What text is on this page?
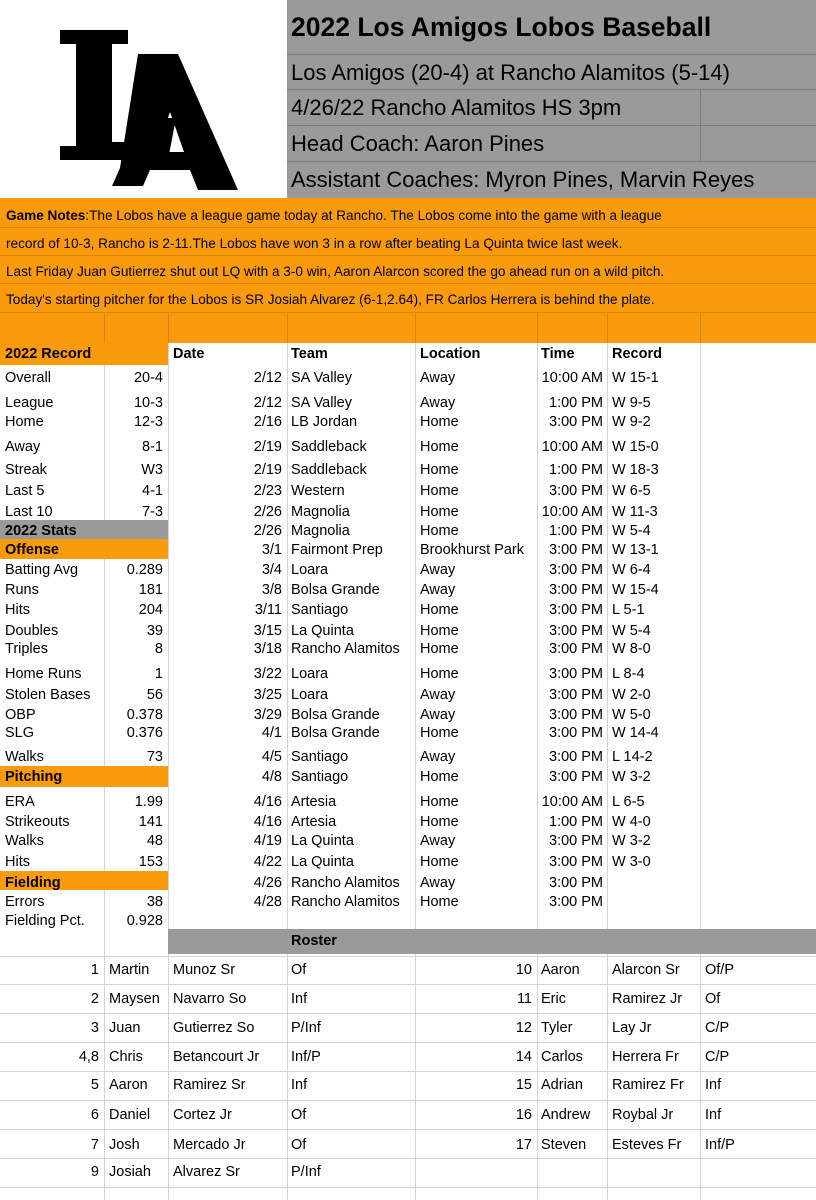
2022 Los Amigos Lobos Baseball
Los Amigos (20-4) at Rancho Alamitos (5-14)
4/26/22 Rancho Alamitos HS 3pm
Head Coach: Aaron Pines
Assistant Coaches: Myron Pines, Marvin Reyes
Game Notes:The Lobos have a league game today at Rancho. The Lobos come into the game with a league
record of 10-3, Rancho is 2-11.The Lobos have won 3 in a row after beating La Quinta twice last week.
Last Friday Juan Gutierrez shut out LQ with a 3-0 win, Aaron Alarcon scored the go ahead run on a wild pitch.
Today's starting pitcher for the Lobos is SR Josiah Alvarez (6-1,2.64), FR Carlos Herrera is behind the plate.
2022 Record	Date	Team	Location	Time	Record
Overall	20-4
League	10-3
Home	12-3
Away	8-1
Streak	W3
Last 5	4-1
Last 10	7-3
2022 Stats
Offense
Batting Avg	0.289
Runs	181
Hits	204
Doubles	39
Triples	8
Home Runs	1
Stolen Bases	56
OBP	0.378
SLG	0.376
Walks	73
Pitching
ERA	1.99
Strikeouts	141
Walks	48
Hits	153
Fielding
Errors	38
Fielding Pct.	0.928
2/12 SA Valley	Away	10:00 AM W 15-1
2/12 SA Valley	Away	1:00 PM W 9-5
2/16 LB Jordan	Home	3:00 PM W 9-2
2/19 Saddleback	Home	10:00 AM W 15-0
2/19 Saddleback	Home	1:00 PM W 18-3
2/23 Western	Home	3:00 PM W 6-5
2/26 Magnolia	Home	10:00 AM W 11-3
2/26 Magnolia	Home	1:00 PM W 5-4
3/1 Fairmont Prep	Brookhurst Park 3:00 PM W 13-1
3/4 Loara	Away	3:00 PM W 6-4
3/8 Bolsa Grande	Away	3:00 PM W 15-4
3/11 Santiago	Home	3:00 PM L 5-1
3/15 La Quinta	Home	3:00 PM W 5-4
3/18 Rancho Alamitos Home	3:00 PM W 8-0
3/22 Loara	Home	3:00 PM L 8-4
3/25 Loara	Away	3:00 PM W 2-0
3/29 Bolsa Grande	Away	3:00 PM W 5-0
4/1 Bolsa Grande	Home	3:00 PM W 14-4
4/5 Santiago	Away	3:00 PM L 14-2
4/8 Santiago	Home	3:00 PM W 3-2
4/16 Artesia	Home	10:00 AM L 6-5
4/16 Artesia	Home	1:00 PM W 4-0
4/19 La Quinta	Away	3:00 PM W 3-2
4/22 La Quinta	Home	3:00 PM W 3-0
4/26 Rancho Alamitos Away	3:00 PM
4/28 Rancho Alamitos Home	3:00 PM
Roster
1 Martin Munoz Sr	Of
2 Maysen Navarro So	Inf
3 Juan Gutierrez So	P/Inf
4,8 Chris Betancourt Jr Inf/P
5 Aaron Ramirez Sr	Inf
6 Daniel Cortez Jr	Of
7 Josh Mercado Jr	Of
9 Josiah Alvarez Sr	P/Inf
10 Aaron Alarcon Sr Of/P
11 Eric	Ramirez Jr Of
12 Tyler	Lay Jr	C/P
14 Carlos Herrera Fr C/P
15 Adrian Ramirez Fr Inf
16 Andrew Roybal Jr Inf
17 Steven Esteves Fr Inf/P
